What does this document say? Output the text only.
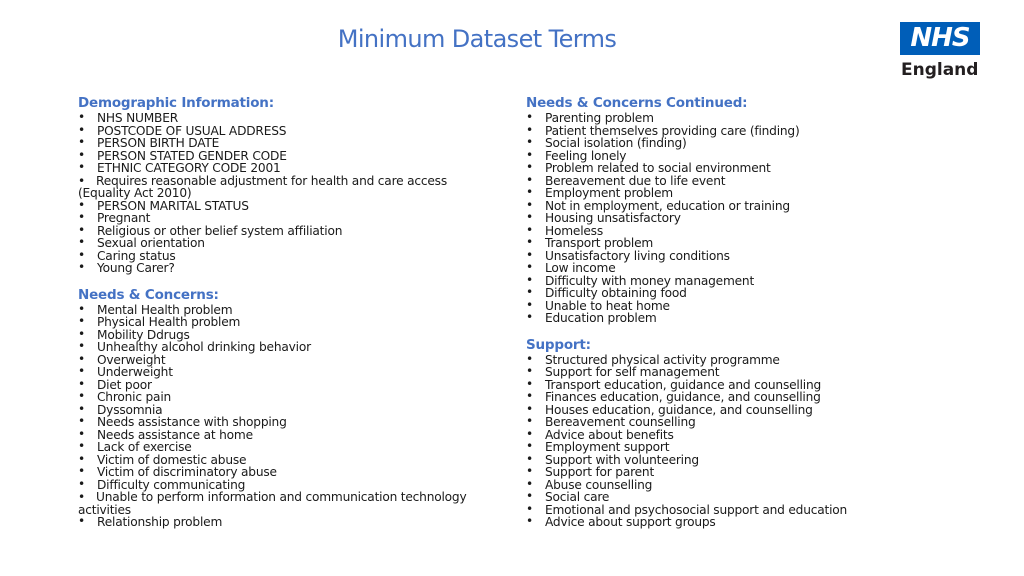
Minimum Dataset Terms	NHS
England
Demographic Information:
• NHS NUMBER
• POSTCODE OF USUAL ADDRESS
• PERSON BIRTH DATE
• PERSON STATED GENDER CODE
• ETHNIC CATEGORY CODE 2001
• Requires reasonable adjustment for health and care access (Equality Act 2010)
• PERSON MARITAL STATUS
• Pregnant
• Religious or other belief system affiliation
• Sexual orientation
• Caring status
• Young Carer?
Needs & Concerns:
• Mental Health problem
• Physical Health problem
• Mobility Ddrugs
• Unhealthy alcohol drinking behavior
• Overweight
• Underweight
• Diet poor
• Chronic pain
• Dyssomnia
• Needs assistance with shopping
• Needs assistance at home
• Lack of exercise
• Victim of domestic abuse
• Victim of discriminatory abuse
• Difficulty communicating
• Unable to perform information and communication technology activities
• Relationship problem
Needs & Concerns Continued:
• Parenting problem
• Patient themselves providing care (finding)
• Social isolation (finding)
• Feeling lonely
• Problem related to social environment
• Bereavement due to life event
• Employment problem
• Not in employment, education or training
• Housing unsatisfactory
• Homeless
• Transport problem
• Unsatisfactory living conditions
• Low income
• Difficulty with money management
• Difficulty obtaining food
• Unable to heat home
• Education problem
Support:
• Structured physical activity programme
• Support for self management
• Transport education, guidance and counselling
• Finances education, guidance, and counselling
• Houses education, guidance, and counselling
• Bereavement counselling
• Advice about benefits
• Employment support
• Support with volunteering
• Support for parent
• Abuse counselling
• Social care
• Emotional and psychosocial support and education
• Advice about support groups
